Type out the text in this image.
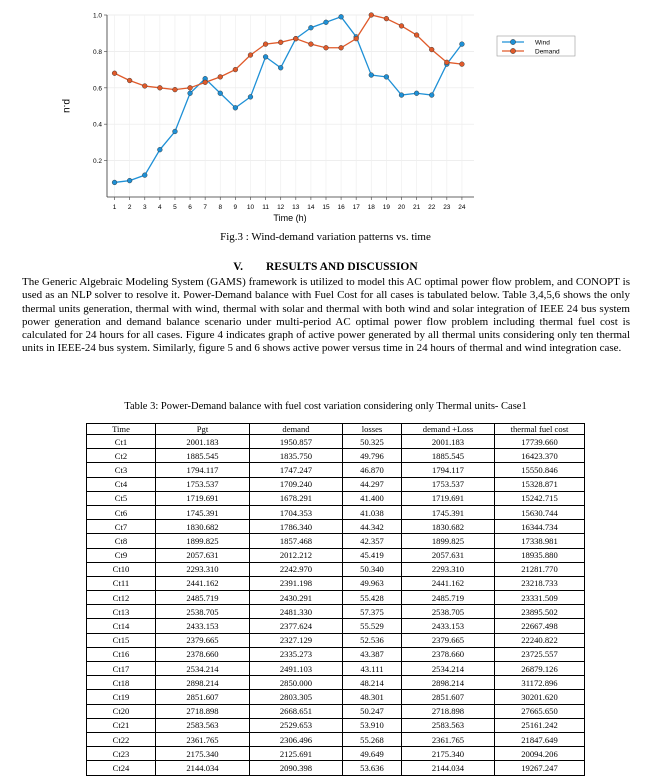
0.2
0.4
0.6
0.8
1.0
1 2 3 4 5 6 7 8 9 10 11 12 13 14 15 16 17 18 19 20 21 22 23 24
Time (h)
p.u
Wind
Demand
Fig.3 : Wind-demand variation patterns vs. time
V.        RESULTS AND DISCUSSION
The Generic Algebraic Modeling System (GAMS) framework is utilized to model this AC optimal power flow problem, and CONOPT is used as an NLP solver to resolve it. Power-Demand balance with Fuel Cost for all cases is tabulated below. Table 3,4,5,6 shows the only thermal units generation, thermal with wind, thermal with solar and thermal with both wind and solar integration of IEEE 24 bus system power generation and demand balance scenario under multi-period AC optimal power flow problem including thermal fuel cost is calculated for 24 hours for all cases. Figure 4 indicates graph of active power generated by all thermal units considering only ten thermal units in IEEE-24 bus system. Similarly, figure 5 and 6 shows active power versus time in 24 hours of thermal and wind integration case.
Table 3: Power-Demand balance with fuel cost variation considering only Thermal units- Case1
Time	Pgt	demand	losses	demand +Loss	thermal fuel cost
Ct1	2001.183	1950.857	50.325	2001.183	17739.660
Ct2	1885.545	1835.750	49.796	1885.545	16423.370
Ct3	1794.117	1747.247	46.870	1794.117	15550.846
Ct4	1753.537	1709.240	44.297	1753.537	15328.871
Ct5	1719.691	1678.291	41.400	1719.691	15242.715
Ct6	1745.391	1704.353	41.038	1745.391	15630.744
Ct7	1830.682	1786.340	44.342	1830.682	16344.734
Ct8	1899.825	1857.468	42.357	1899.825	17338.981
Ct9	2057.631	2012.212	45.419	2057.631	18935.880
Ct10	2293.310	2242.970	50.340	2293.310	21281.770
Ct11	2441.162	2391.198	49.963	2441.162	23218.733
Ct12	2485.719	2430.291	55.428	2485.719	23331.509
Ct13	2538.705	2481.330	57.375	2538.705	23895.502
Ct14	2433.153	2377.624	55.529	2433.153	22667.498
Ct15	2379.665	2327.129	52.536	2379.665	22240.822
Ct16	2378.660	2335.273	43.387	2378.660	23725.557
Ct17	2534.214	2491.103	43.111	2534.214	26879.126
Ct18	2898.214	2850.000	48.214	2898.214	31172.896
Ct19	2851.607	2803.305	48.301	2851.607	30201.620
Ct20	2718.898	2668.651	50.247	2718.898	27665.650
Ct21	2583.563	2529.653	53.910	2583.563	25161.242
Ct22	2361.765	2306.496	55.268	2361.765	21847.649
Ct23	2175.340	2125.691	49.649	2175.340	20094.206
Ct24	2144.034	2090.398	53.636	2144.034	19267.247
